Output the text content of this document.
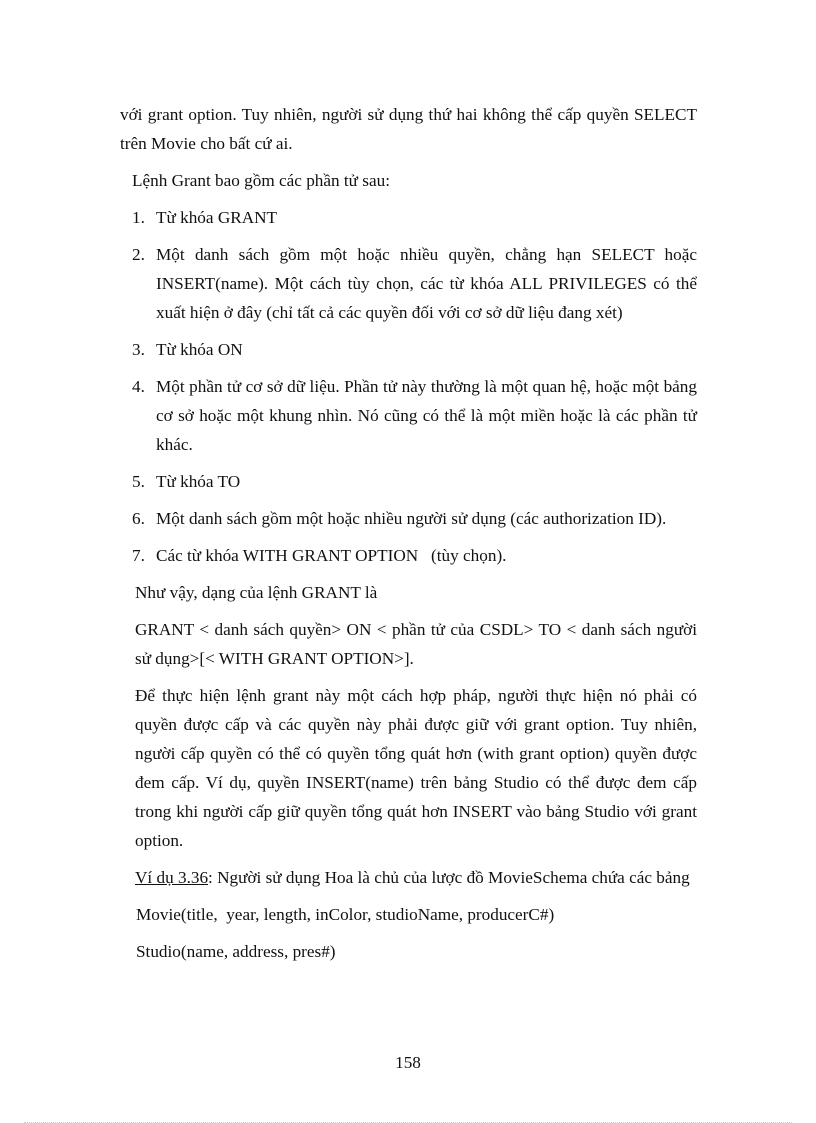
với grant option. Tuy nhiên, người sử dụng thứ hai không thể cấp quyền SELECT trên Movie cho bất cứ ai.

Lệnh Grant bao gồm các phần tử sau:

1. Từ khóa GRANT
2. Một danh sách gồm một hoặc nhiều quyền, chẳng hạn SELECT hoặc INSERT(name). Một cách tùy chọn, các từ khóa ALL PRIVILEGES có thể xuất hiện ở đây (chỉ tất cả các quyền đối với cơ sở dữ liệu đang xét)
3. Từ khóa ON
4. Một phần tử cơ sở dữ liệu. Phần tử này thường là một quan hệ, hoặc một bảng cơ sở hoặc một khung nhìn. Nó cũng có thể là một miền hoặc là các phần tử khác.
5. Từ khóa TO
6. Một danh sách gồm một hoặc nhiều người sử dụng (các authorization ID).
7. Các từ khóa WITH GRANT OPTION   (tùy chọn).

Như vậy, dạng của lệnh GRANT là

GRANT < danh sách quyền> ON < phần tử của CSDL> TO < danh sách người sử dụng>[< WITH GRANT OPTION>].

Để thực hiện lệnh grant này một cách hợp pháp, người thực hiện nó phải có quyền được cấp và các quyền này phải được giữ với grant option. Tuy nhiên, người cấp quyền có thể có quyền tổng quát hơn (with grant option) quyền được đem cấp. Ví dụ, quyền INSERT(name) trên bảng Studio có thể được đem cấp trong khi người cấp giữ quyền tổng quát hơn INSERT vào bảng Studio với grant option.

Ví dụ 3.36: Người sử dụng Hoa là chủ của lược đồ MovieSchema chứa các bảng

Movie(title,  year, length, inColor, studioName, producerC#)

Studio(name, address, pres#)

158
